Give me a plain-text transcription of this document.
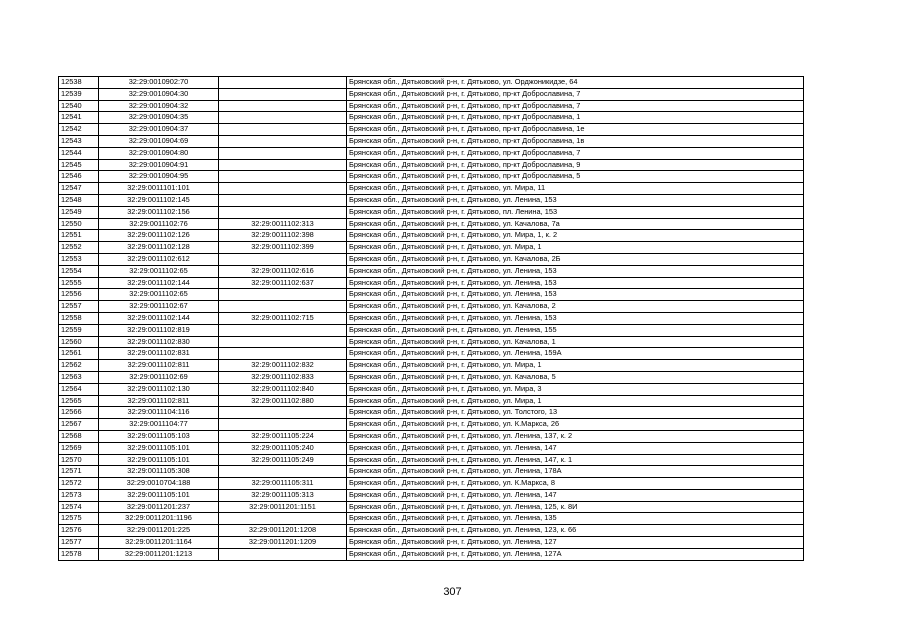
12538	32:29:0010902:70		Брянская обл., Дятьковский р-н, г. Дятьково, ул. Орджоникидзе, 64
12539	32:29:0010904:30		Брянская обл., Дятьковский р-н, г. Дятьково, пр-кт Доброславина, 7
12540	32:29:0010904:32		Брянская обл., Дятьковский р-н, г. Дятьково, пр-кт Доброславина, 7
12541	32:29:0010904:35		Брянская обл., Дятьковский р-н, г. Дятьково, пр-кт Доброславина, 1
12542	32:29:0010904:37		Брянская обл., Дятьковский р-н, г. Дятьково, пр-кт Доброславина, 1е
12543	32:29:0010904:69		Брянская обл., Дятьковский р-н, г. Дятьково, пр-кт Доброславина, 1в
12544	32:29:0010904:80		Брянская обл., Дятьковский р-н, г. Дятьково, пр-кт Доброславина, 7
12545	32:29:0010904:91		Брянская обл., Дятьковский р-н, г. Дятьково, пр-кт Доброславина, 9
12546	32:29:0010904:95		Брянская обл., Дятьковский р-н, г. Дятьково, пр-кт Доброславина, 5
12547	32:29:0011101:101		Брянская обл., Дятьковский р-н, г. Дятьково, ул. Мира, 11
12548	32:29:0011102:145		Брянская обл., Дятьковский р-н, г. Дятьково, ул. Ленина, 153
12549	32:29:0011102:156		Брянская обл., Дятьковский р-н, г. Дятьково, пл. Ленина, 153
12550	32:29:0011102:76	32:29:0011102:313	Брянская обл., Дятьковский р-н, г. Дятьково, ул. Качалова, 7а
12551	32:29:0011102:126	32:29:0011102:398	Брянская обл., Дятьковский р-н, г. Дятьково, ул. Мира, 1, к. 2
12552	32:29:0011102:128	32:29:0011102:399	Брянская обл., Дятьковский р-н, г. Дятьково, ул. Мира, 1
12553	32:29:0011102:612		Брянская обл., Дятьковский р-н, г. Дятьково, ул. Качалова, 2Б
12554	32:29:0011102:65	32:29:0011102:616	Брянская обл., Дятьковский р-н, г. Дятьково, ул. Ленина, 153
12555	32:29:0011102:144	32:29:0011102:637	Брянская обл., Дятьковский р-н, г. Дятьково, ул. Ленина, 153
12556	32:29:0011102:65		Брянская обл., Дятьковский р-н, г. Дятьково, ул. Ленина, 153
12557	32:29:0011102:67		Брянская обл., Дятьковский р-н, г. Дятьково, ул. Качалова, 2
12558	32:29:0011102:144	32:29:0011102:715	Брянская обл., Дятьковский р-н, г. Дятьково, ул. Ленина, 153
12559	32:29:0011102:819		Брянская обл., Дятьковский р-н, г. Дятьково, ул. Ленина, 155
12560	32:29:0011102:830		Брянская обл., Дятьковский р-н, г. Дятьково, ул. Качалова, 1
12561	32:29:0011102:831		Брянская обл., Дятьковский р-н, г. Дятьково, ул. Ленина, 159А
12562	32:29:0011102:811	32:29:0011102:832	Брянская обл., Дятьковский р-н, г. Дятьково, ул. Мира, 1
12563	32:29:0011102:69	32:29:0011102:833	Брянская обл., Дятьковский р-н, г. Дятьково, ул. Качалова, 5
12564	32:29:0011102:130	32:29:0011102:840	Брянская обл., Дятьковский р-н, г. Дятьково, ул. Мира, 3
12565	32:29:0011102:811	32:29:0011102:880	Брянская обл., Дятьковский р-н, г. Дятьково, ул. Мира, 1
12566	32:29:0011104:116		Брянская обл., Дятьковский р-н, г. Дятьково, ул. Толстого, 13
12567	32:29:0011104:77		Брянская обл., Дятьковский р-н, г. Дятьково, ул. К.Маркса, 26
12568	32:29:0011105:103	32:29:0011105:224	Брянская обл., Дятьковский р-н, г. Дятьково, ул. Ленина, 137, к. 2
12569	32:29:0011105:101	32:29:0011105:240	Брянская обл., Дятьковский р-н, г. Дятьково, ул. Ленина, 147
12570	32:29:0011105:101	32:29:0011105:249	Брянская обл., Дятьковский р-н, г. Дятьково, ул. Ленина, 147, к. 1
12571	32:29:0011105:308		Брянская обл., Дятьковский р-н, г. Дятьково, ул. Ленина, 178А
12572	32:29:0010704:188	32:29:0011105:311	Брянская обл., Дятьковский р-н, г. Дятьково, ул. К.Маркса, 8
12573	32:29:0011105:101	32:29:0011105:313	Брянская обл., Дятьковский р-н, г. Дятьково, ул. Ленина, 147
12574	32:29:0011201:237	32:29:0011201:1151	Брянская обл., Дятьковский р-н, г. Дятьково, ул. Ленина, 125, к. 8И
12575	32:29:0011201:1196		Брянская обл., Дятьковский р-н, г. Дятьково, ул. Ленина, 135
12576	32:29:0011201:225	32:29:0011201:1208	Брянская обл., Дятьковский р-н, г. Дятьково, ул. Ленина, 123, к. 66
12577	32:29:0011201:1164	32:29:0011201:1209	Брянская обл., Дятьковский р-н, г. Дятьково, ул. Ленина, 127
12578	32:29:0011201:1213		Брянская обл., Дятьковский р-н, г. Дятьково, ул. Ленина, 127А
307
